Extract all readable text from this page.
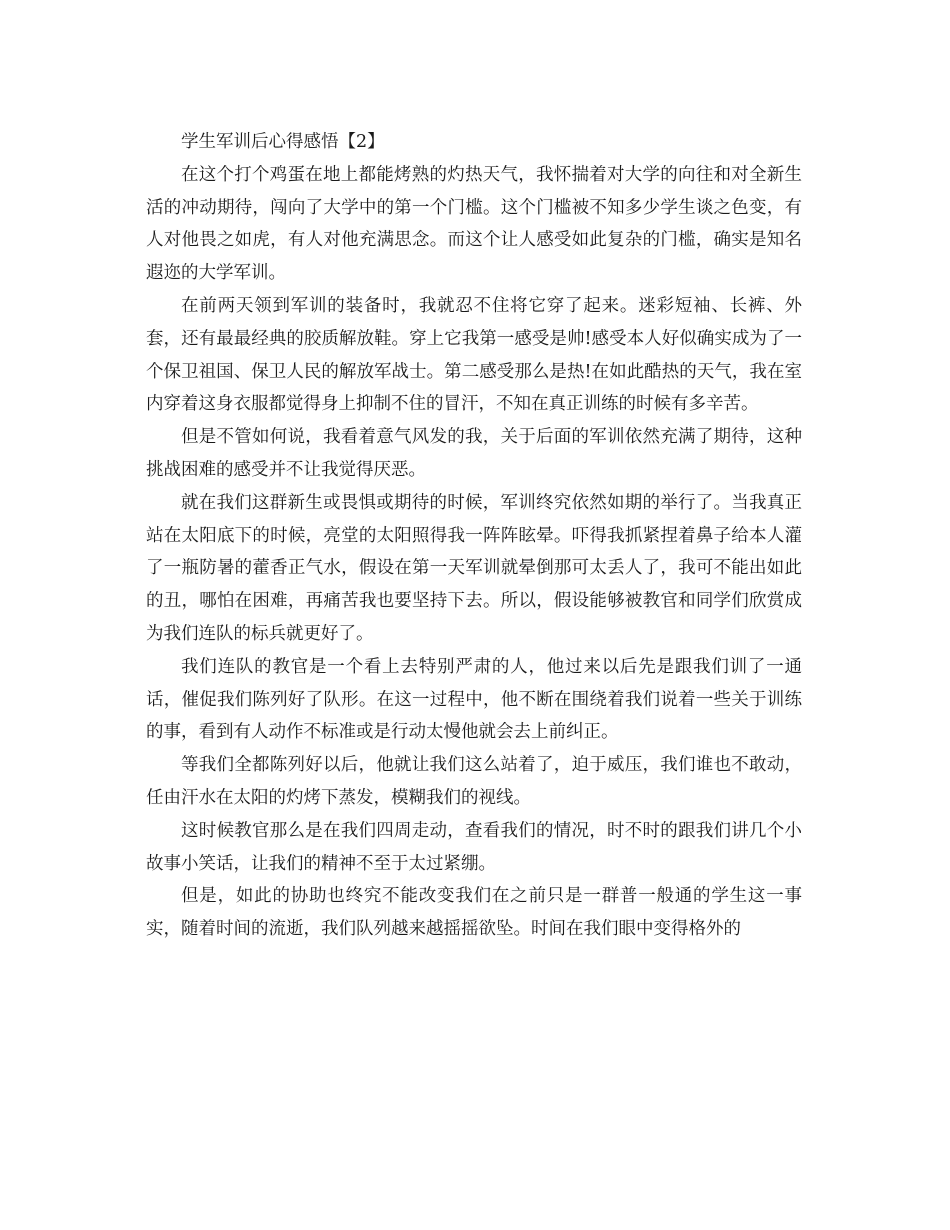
学生军训后心得感悟【2】

在这个打个鸡蛋在地上都能烤熟的灼热天气，我怀揣着对大学的向往和对全新生活的冲动期待，闯向了大学中的第一个门槛。这个门槛被不知多少学生谈之色变，有人对他畏之如虎，有人对他充满思念。而这个让人感受如此复杂的门槛，确实是知名遐迩的大学军训。

在前两天领到军训的装备时，我就忍不住将它穿了起来。迷彩短袖、长裤、外套，还有最最经典的胶质解放鞋。穿上它我第一感受是帅!感受本人好似确实成为了一个保卫祖国、保卫人民的解放军战士。第二感受那么是热!在如此酷热的天气，我在室内穿着这身衣服都觉得身上抑制不住的冒汗，不知在真正训练的时候有多辛苦。

但是不管如何说，我看着意气风发的我，关于后面的军训依然充满了期待，这种挑战困难的感受并不让我觉得厌恶。

就在我们这群新生或畏惧或期待的时候，军训终究依然如期的举行了。当我真正站在太阳底下的时候，亮堂的太阳照得我一阵阵眩晕。吓得我抓紧捏着鼻子给本人灌了一瓶防暑的藿香正气水，假设在第一天军训就晕倒那可太丢人了，我可不能出如此的丑，哪怕在困难，再痛苦我也要坚持下去。所以，假设能够被教官和同学们欣赏成为我们连队的标兵就更好了。

我们连队的教官是一个看上去特别严肃的人，他过来以后先是跟我们训了一通话，催促我们陈列好了队形。在这一过程中，他不断在围绕着我们说着一些关于训练的事，看到有人动作不标准或是行动太慢他就会去上前纠正。

等我们全都陈列好以后，他就让我们这么站着了，迫于威压，我们谁也不敢动，任由汗水在太阳的灼烤下蒸发，模糊我们的视线。

这时候教官那么是在我们四周走动，查看我们的情况，时不时的跟我们讲几个小故事小笑话，让我们的精神不至于太过紧绷。

但是，如此的协助也终究不能改变我们在之前只是一群普一般通的学生这一事实，随着时间的流逝，我们队列越来越摇摇欲坠。时间在我们眼中变得格外的
